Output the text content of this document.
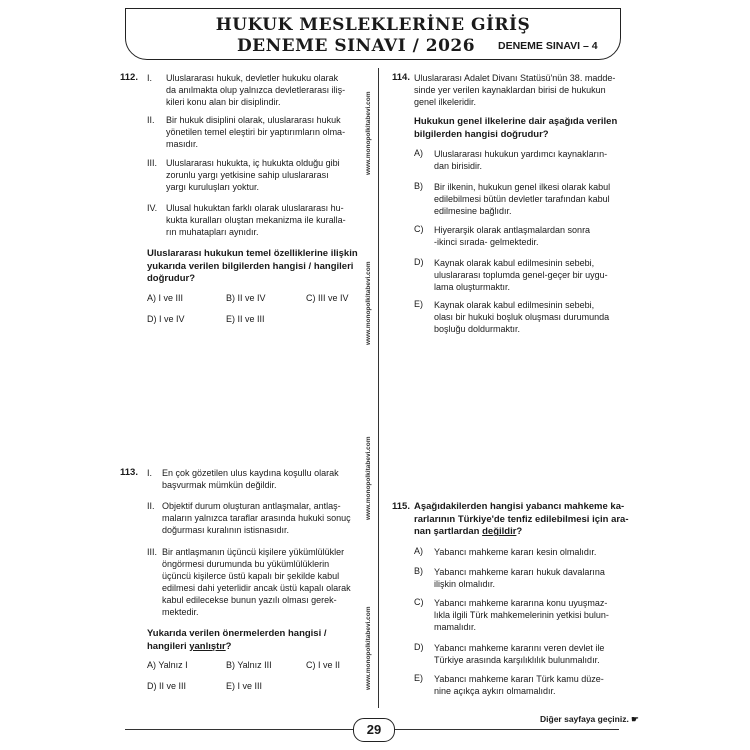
HUKUK MESLEKLERİNE GİRİŞ
DENEME SINAVI / 2026	DENEME SINAVI – 4
www.monopolkitabevi.com
www.monopolkitabevi.com
www.monopolkitabevi.com
www.monopolkitabevi.com
112. I. Uluslararası hukuk, devletler hukuku olarak
da anılmakta olup yalnızca devletlerarası iliş-
kileri konu alan bir disiplindir.
II. Bir hukuk disiplini olarak, uluslararası hukuk
yönetilen temel eleştiri bir yaptırımların olma-
masıdır.
III. Uluslararası hukukta, iç hukukta olduğu gibi
zorunlu yargı yetkisine sahip uluslararası
yargı kuruluşları yoktur.
IV. Ulusal hukuktan farklı olarak uluslararası hu-
kukta kuralları oluştan mekanizma ile kuralla-
rın muhatapları aynıdır.
Uluslararası hukukun temel özelliklerine ilişkin
yukarıda verilen bilgilerden hangisi / hangileri
doğrudur?
A) I ve III	B) II ve IV	C) III ve IV
D) I ve IV	E) II ve III
113. I. En çok gözetilen ulus kaydına koşullu olarak
başvurmak mümkün değildir.
II. Objektif durum oluşturan antlaşmalar, antlaş-
maların yalnızca taraflar arasında hukuki sonuç
doğurması kuralının istisnasıdır.
III. Bir antlaşmanın üçüncü kişilere yükümlülükler
öngörmesi durumunda bu yükümlülüklerin
üçüncü kişilerce üstü kapalı bir şekilde kabul
edilmesi dahi yeterlidir ancak üstü kapalı olarak
kabul edilecekse bunun yazılı olması gerek-
mektedir.
Yukarıda verilen önermelerden hangisi /
hangileri yanlıştır?
A) Yalnız I	B) Yalnız III	C) I ve II
D) II ve III	E) I ve III
114. Uluslararası Adalet Divanı Statüsü'nün 38. madde-
sinde yer verilen kaynaklardan birisi de hukukun
genel ilkeleridir.
Hukukun genel ilkelerine dair aşağıda verilen
bilgilerden hangisi doğrudur?
A) Uluslararası hukukun yardımcı kaynakların-
dan birisidir.
B) Bir ilkenin, hukukun genel ilkesi olarak kabul
edilebilmesi bütün devletler tarafından kabul
edilmesine bağlıdır.
C) Hiyerarşik olarak antlaşmalardan sonra
-ikinci sırada- gelmektedir.
D) Kaynak olarak kabul edilmesinin sebebi,
uluslararası toplumda genel-geçer bir uygu-
lama oluşturmaktır.
E) Kaynak olarak kabul edilmesinin sebebi,
olası bir hukuki boşluk oluşması durumunda
boşluğu doldurmaktır.
115. Aşağıdakilerden hangisi yabancı mahkeme ka-
rarlarının Türkiye'de tenfiz edilebilmesi için ara-
nan şartlardan değildir?
A) Yabancı mahkeme kararı kesin olmalıdır.
B) Yabancı mahkeme kararı hukuk davalarına
ilişkin olmalıdır.
C) Yabancı mahkeme kararına konu uyuşmaz-
lıkla ilgili Türk mahkemelerinin yetkisi bulun-
mamalıdır.
D) Yabancı mahkeme kararını veren devlet ile
Türkiye arasında karşılıklılık bulunmalıdır.
E) Yabancı mahkeme kararı Türk kamu düze-
nine açıkça aykırı olmamalıdır.
29
Diğer sayfaya geçiniz. ☛
